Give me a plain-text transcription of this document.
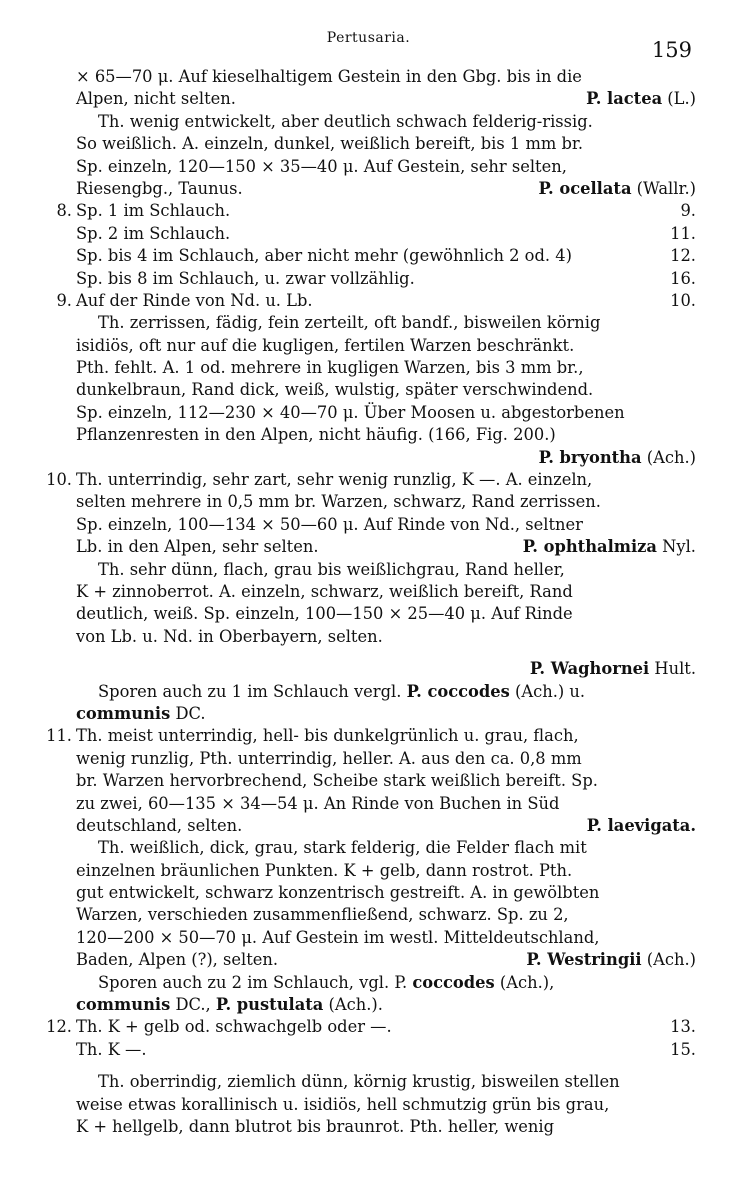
Pertusaria.	159
× 65—70 μ. Auf kieselhaltigem Gestein in den Gbg. bis in die
Alpen, nicht selten.	P. lactea (L.)
Th. wenig entwickelt, aber deutlich schwach felderig-rissig.
So weißlich. A. einzeln, dunkel, weißlich bereift, bis 1 mm br.
Sp. einzeln, 120—150 × 35—40 μ. Auf Gestein, sehr selten,
Riesengbg., Taunus.	P. ocellata (Wallr.)
8. Sp. 1 im Schlauch.	9.
Sp. 2 im Schlauch.	11.
Sp. bis 4 im Schlauch, aber nicht mehr (gewöhnlich 2 od. 4)	12.
Sp. bis 8 im Schlauch, u. zwar vollzählig.	16.
9. Auf der Rinde von Nd. u. Lb.	10.
Th. zerrissen, fädig, fein zerteilt, oft bandf., bisweilen körnig
isidiös, oft nur auf die kugligen, fertilen Warzen beschränkt.
Pth. fehlt. A. 1 od. mehrere in kugligen Warzen, bis 3 mm br.,
dunkelbraun, Rand dick, weiß, wulstig, später verschwindend.
Sp. einzeln, 112—230 × 40—70 μ. Über Moosen u. abgestorbenen
Pflanzenresten in den Alpen, nicht häufig. (166, Fig. 200.)
P. bryontha (Ach.)
10. Th. unterrindig, sehr zart, sehr wenig runzlig, K —. A. einzeln,
selten mehrere in 0,5 mm br. Warzen, schwarz, Rand zerrissen.
Sp. einzeln, 100—134 × 50—60 μ. Auf Rinde von Nd., seltner
Lb. in den Alpen, sehr selten.	P. ophthalmiza Nyl.
Th. sehr dünn, flach, grau bis weißlichgrau, Rand heller,
K + zinnoberrot. A. einzeln, schwarz, weißlich bereift, Rand
deutlich, weiß. Sp. einzeln, 100—150 × 25—40 μ. Auf Rinde
von Lb. u. Nd. in Oberbayern, selten.
P. Waghornei Hult.
Sporen auch zu 1 im Schlauch vergl. P. coccodes (Ach.) u.
communis DC.
11. Th. meist unterrindig, hell- bis dunkelgrünlich u. grau, flach,
wenig runzlig, Pth. unterrindig, heller. A. aus den ca. 0,8 mm
br. Warzen hervorbrechend, Scheibe stark weißlich bereift. Sp.
zu zwei, 60—135 × 34—54 μ. An Rinde von Buchen in Süd
deutschland, selten.	P. laevigata.
Th. weißlich, dick, grau, stark felderig, die Felder flach mit
einzelnen bräunlichen Punkten. K + gelb, dann rostrot. Pth.
gut entwickelt, schwarz konzentrisch gestreift. A. in gewölbten
Warzen, verschieden zusammenfließend, schwarz. Sp. zu 2,
120—200 × 50—70 μ. Auf Gestein im westl. Mitteldeutschland,
Baden, Alpen (?), selten.	P. Westringii (Ach.)
Sporen auch zu 2 im Schlauch, vgl. P. coccodes (Ach.),
communis DC., P. pustulata (Ach.).
12. Th. K + gelb od. schwachgelb oder —.	13.
Th. K —.	15.
Th. oberrindig, ziemlich dünn, körnig krustig, bisweilen stellen
weise etwas korallinisch u. isidiös, hell schmutzig grün bis grau,
K + hellgelb, dann blutrot bis braunrot. Pth. heller, wenig
